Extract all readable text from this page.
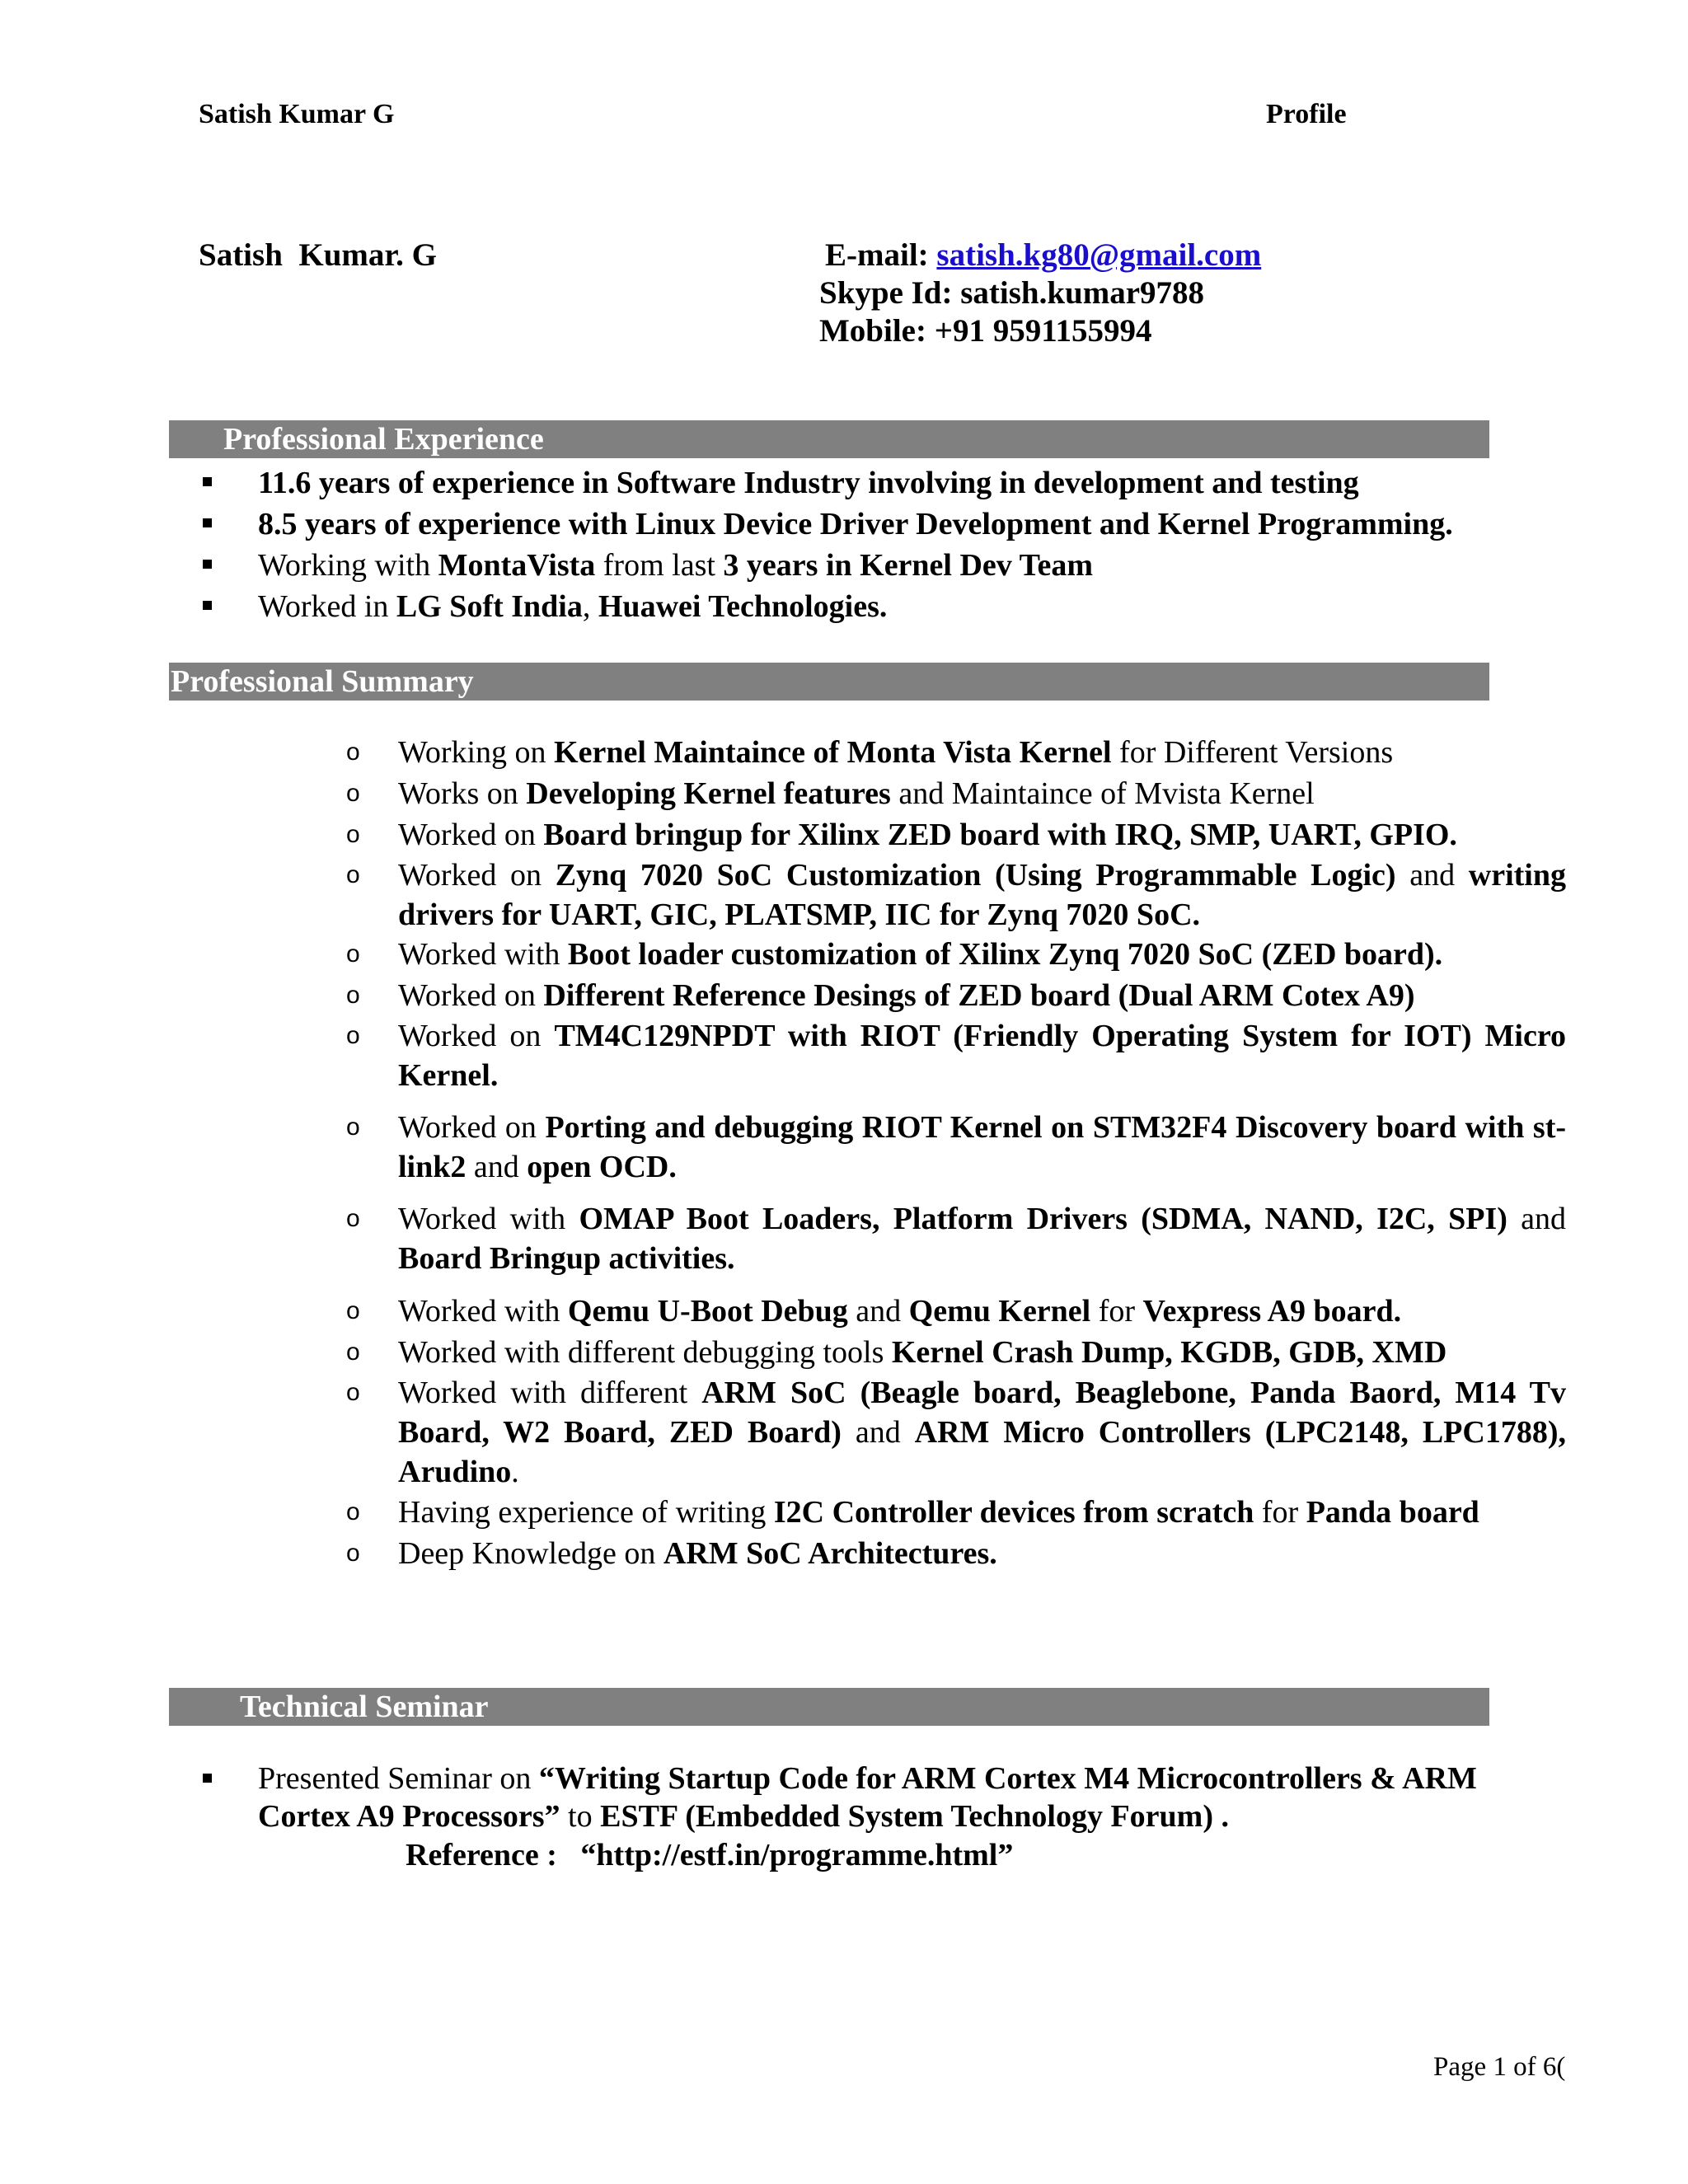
Satish Kumar G	Profile
Satish  Kumar. G	E-mail: satish.kg80@gmail.com
Skype Id: satish.kumar9788
Mobile: +91 9591155994
Professional Experience
11.6 years of experience in Software Industry involving in development and testing
8.5 years of experience with Linux Device Driver Development and Kernel Programming.
Working with MontaVista from last 3 years in Kernel Dev Team
Worked in LG Soft India, Huawei Technologies.
Professional Summary
o Working on Kernel Maintaince of Monta Vista Kernel for Different Versions
o Works on Developing Kernel features and Maintaince of Mvista Kernel
o Worked on Board bringup for Xilinx ZED board with IRQ, SMP, UART, GPIO.
o Worked on Zynq 7020 SoC Customization (Using Programmable Logic) and writing drivers for UART, GIC, PLATSMP, IIC for Zynq 7020 SoC.
o Worked with Boot loader customization of Xilinx Zynq 7020 SoC (ZED board).
o Worked on Different Reference Desings of ZED board (Dual ARM Cotex A9)
o Worked on TM4C129NPDT with RIOT (Friendly Operating System for IOT) Micro Kernel.
o Worked on Porting and debugging RIOT Kernel on STM32F4 Discovery board with st-link2 and open OCD.
o Worked with OMAP Boot Loaders, Platform Drivers (SDMA, NAND, I2C, SPI) and Board Bringup activities.
o Worked with Qemu U-Boot Debug and Qemu Kernel for Vexpress A9 board.
o Worked with different debugging tools Kernel Crash Dump, KGDB, GDB, XMD
o Worked with different ARM SoC (Beagle board, Beaglebone, Panda Baord, M14 Tv Board, W2 Board, ZED Board) and ARM Micro Controllers (LPC2148, LPC1788), Arudino.
o Having experience of writing I2C Controller devices from scratch for Panda board
o Deep Knowledge on ARM SoC Architectures.
Technical Seminar
Presented Seminar on “Writing Startup Code for ARM Cortex M4 Microcontrollers & ARM Cortex A9 Processors” to ESTF (Embedded System Technology Forum) .
Reference : “http://estf.in/programme.html”
Page 1 of 6(
